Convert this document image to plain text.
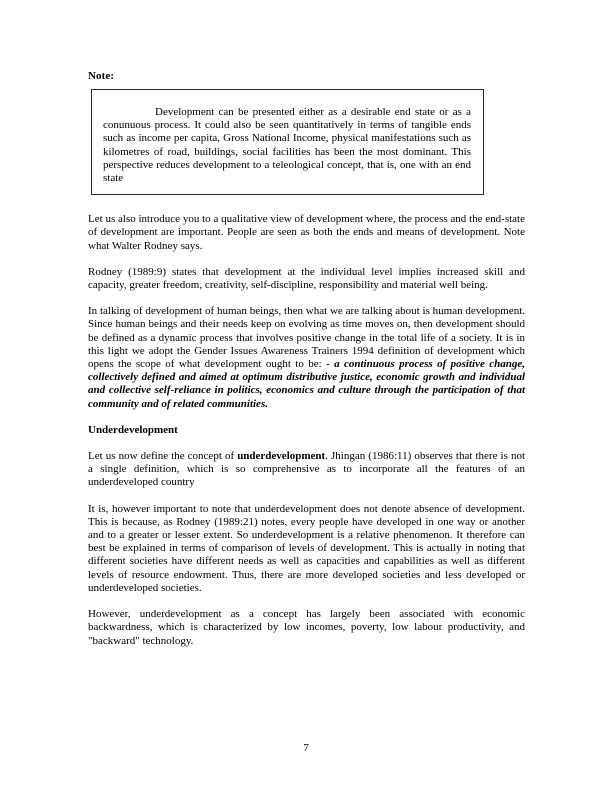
Note:

Development can be presented either as a desirable end state or as a conunuous process. It could also be seen quantitatively in terms of tangible ends such as income per capita, Gross National Income, physical manifestations such as kilometres of road, buildings, social facilities has been the most dominant. This perspective reduces development to a teleological concept, that is, one with an end state

Let us also introduce you to a qualitative view of development where, the process and the end-state of development are important. People are seen as both the ends and means of development. Note what Walter Rodney says.

Rodney (1989:9) states that development at the individual level implies increased skill and capacity, greater freedom, creativity, self-discipline, responsibility and material well being.

In talking of development of human beings, then what we are talking about is human development. Since human beings and their needs keep on evolving as time moves on, then development should be defined as a dynamic process that involves positive change in the total life of a society. It is in this light we adopt the Gender Issues Awareness Trainers 1994 definition of development which opens the scope of what development ought to be: - a continuous process of positive change, collectively defined and aimed at optimum distributive justice, economic growth and individual and collective self-reliance in politics, economics and culture through the participation of that community and of related communities.

Underdevelopment

Let us now define the concept of underdevelopment. Jhingan (1986:11) observes that there is not a single definition, which is so comprehensive as to incorporate all the features of an underdeveloped country

It is, however important to note that underdevelopment does not denote absence of development. This is because, as Rodney (1989:21) notes, every people have developed in one way or another and to a greater or lesser extent. So underdevelopment is a relative phenomenon. It therefore can best be explained in terms of comparison of levels of development. This is actually in noting that different societies have different needs as well as capacities and capabilities as well as different levels of resource endowment. Thus, there are more developed societies and less developed or underdeveloped societies.

However, underdevelopment as a concept has largely been associated with economic backwardness, which is characterized by low incomes, poverty, low labour productivity, and "backward" technology.

7
